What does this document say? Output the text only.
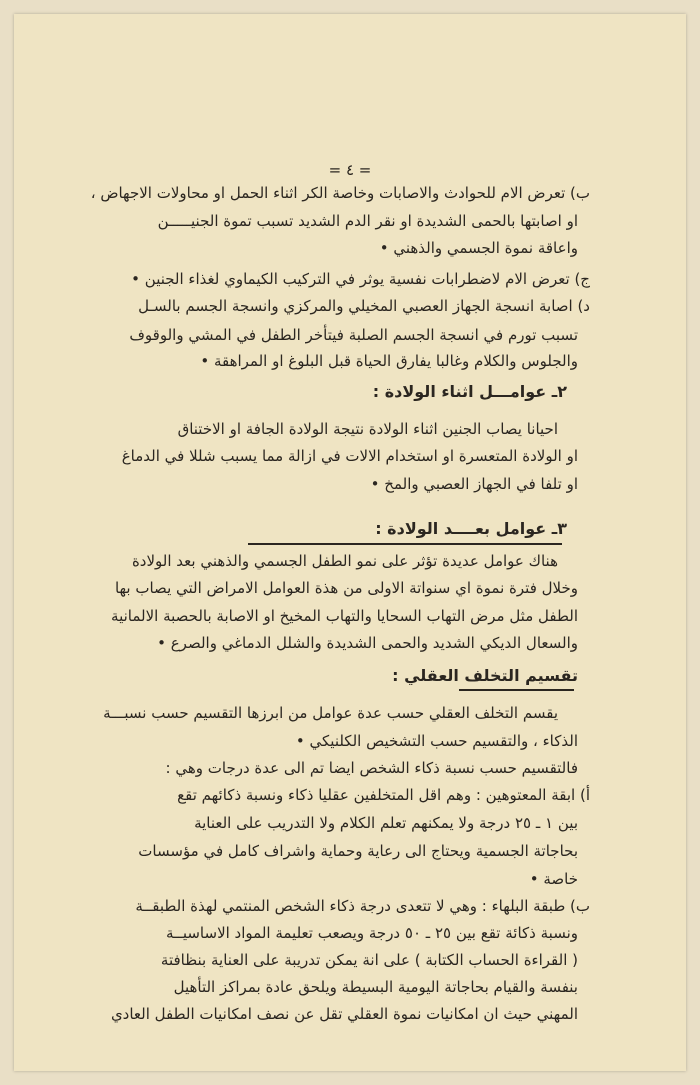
= ٤ =
ب) تعرض الام للحوادث والاصابات وخاصة الكر اثناء الحمل او محاولات الاجهاض ،
او اصابتها بالحمى الشديدة او نقر الدم الشديد تسبب تموة الجنيـــــن
واعاقة نموة الجسمي والذهني •
ج) تعرض الام لاضطرابات نفسية يوثر في التركيب الكيماوي لغذاء الجنين •
د) اصابة انسجة الجهاز العصبي المخيلي والمركزي وانسجة الجسم بالسـل
تسبب تورم في انسجة الجسم الصلبة فيتأخر الطفل في المشي والوقوف
والجلوس والكلام وغالبا يفارق الحياة قبل البلوغ او المراهقة •
٢ـ عوامـــل اثناء الولادة :
احيانا يصاب الجنين اثناء الولادة نتيجة الولادة الجافة او الاختناق
او الولادة المتعسرة او استخدام الالات في ازالة مما يسبب شللا في الدماغ
او تلفا في الجهاز العصبي والمخ •
٣ـ عوامل بعــــد الولادة :
هناك عوامل عديدة تؤثر على نمو الطفل الجسمي والذهني بعد الولادة
وخلال فترة نموة اي سنواتة الاولى من هذة العوامل الامراض التي يصاب بها
الطفل مثل مرض التهاب السحايا والتهاب المخيخ او الاصابة بالحصبة الالمانية
والسعال الديكي الشديد والحمى الشديدة والشلل الدماغي والصرع •
تقسيم التخلف العقلي :
يقسم التخلف العقلي حسب عدة عوامل من ابرزها التقسيم حسب نسبـــة
الذكاء ، والتقسيم حسب التشخيص الكلنيكي •
فالتقسيم حسب نسبة ذكاء الشخص ايضا تم الى عدة درجات وهي :
أ) ابقة المعتوهين : وهم اقل المتخلفين عقليا ذكاء ونسبة ذكائهم تقع
بين ١ ـ ٢٥ درجة ولا يمكنهم تعلم الكلام ولا التدريب على العناية
بحاجاتة الجسمية ويحتاج الى رعاية وحماية واشراف كامل في مؤسسات
خاصة •
ب) طبقة البلهاء : وهي لا تتعدى درجة ذكاء الشخص المنتمي لهذة الطبقــة
ونسبة ذكائة تقع بين ٢٥ ـ ٥٠ درجة ويصعب تعليمة المواد الاساسيــة
( القراءة الحساب الكتابة ) على انة يمكن تدريبة على العناية بنظافتة
بنفسة والقيام بحاجاتة اليومية البسيطة ويلحق عادة بمراكز التأهيل
المهني حيث ان امكانيات نموة العقلي تقل عن نصف امكانيات الطفل العادي
